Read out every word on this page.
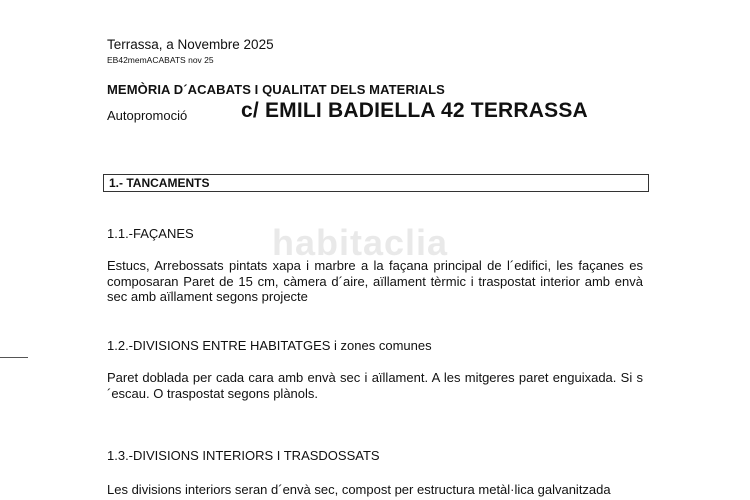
Terrassa, a Novembre 2025
EB42memACABATS nov 25
MEMÒRIA D´ACABATS I QUALITAT DELS MATERIALS
Autopromoció	c/ EMILI BADIELLA 42 TERRASSA
1.- TANCAMENTS
1.1.-FAÇANES
Estucs, Arrebossats pintats xapa i marbre a la façana principal de l´edifici, les façanes es composaran Paret de 15 cm, càmera d´aire, aïllament tèrmic i traspostat interior amb envà sec amb aïllament segons projecte
1.2.-DIVISIONS ENTRE HABITATGES i zones comunes
Paret doblada per cada cara amb envà sec i aïllament. A les mitgeres paret enguixada. Si s´escau. O traspostat segons plànols.
1.3.-DIVISIONS INTERIORS I TRASDOSSATS
Les divisions interiors seran d´envà sec, compost per estructura metàl·lica galvanitzada
habitaclia
